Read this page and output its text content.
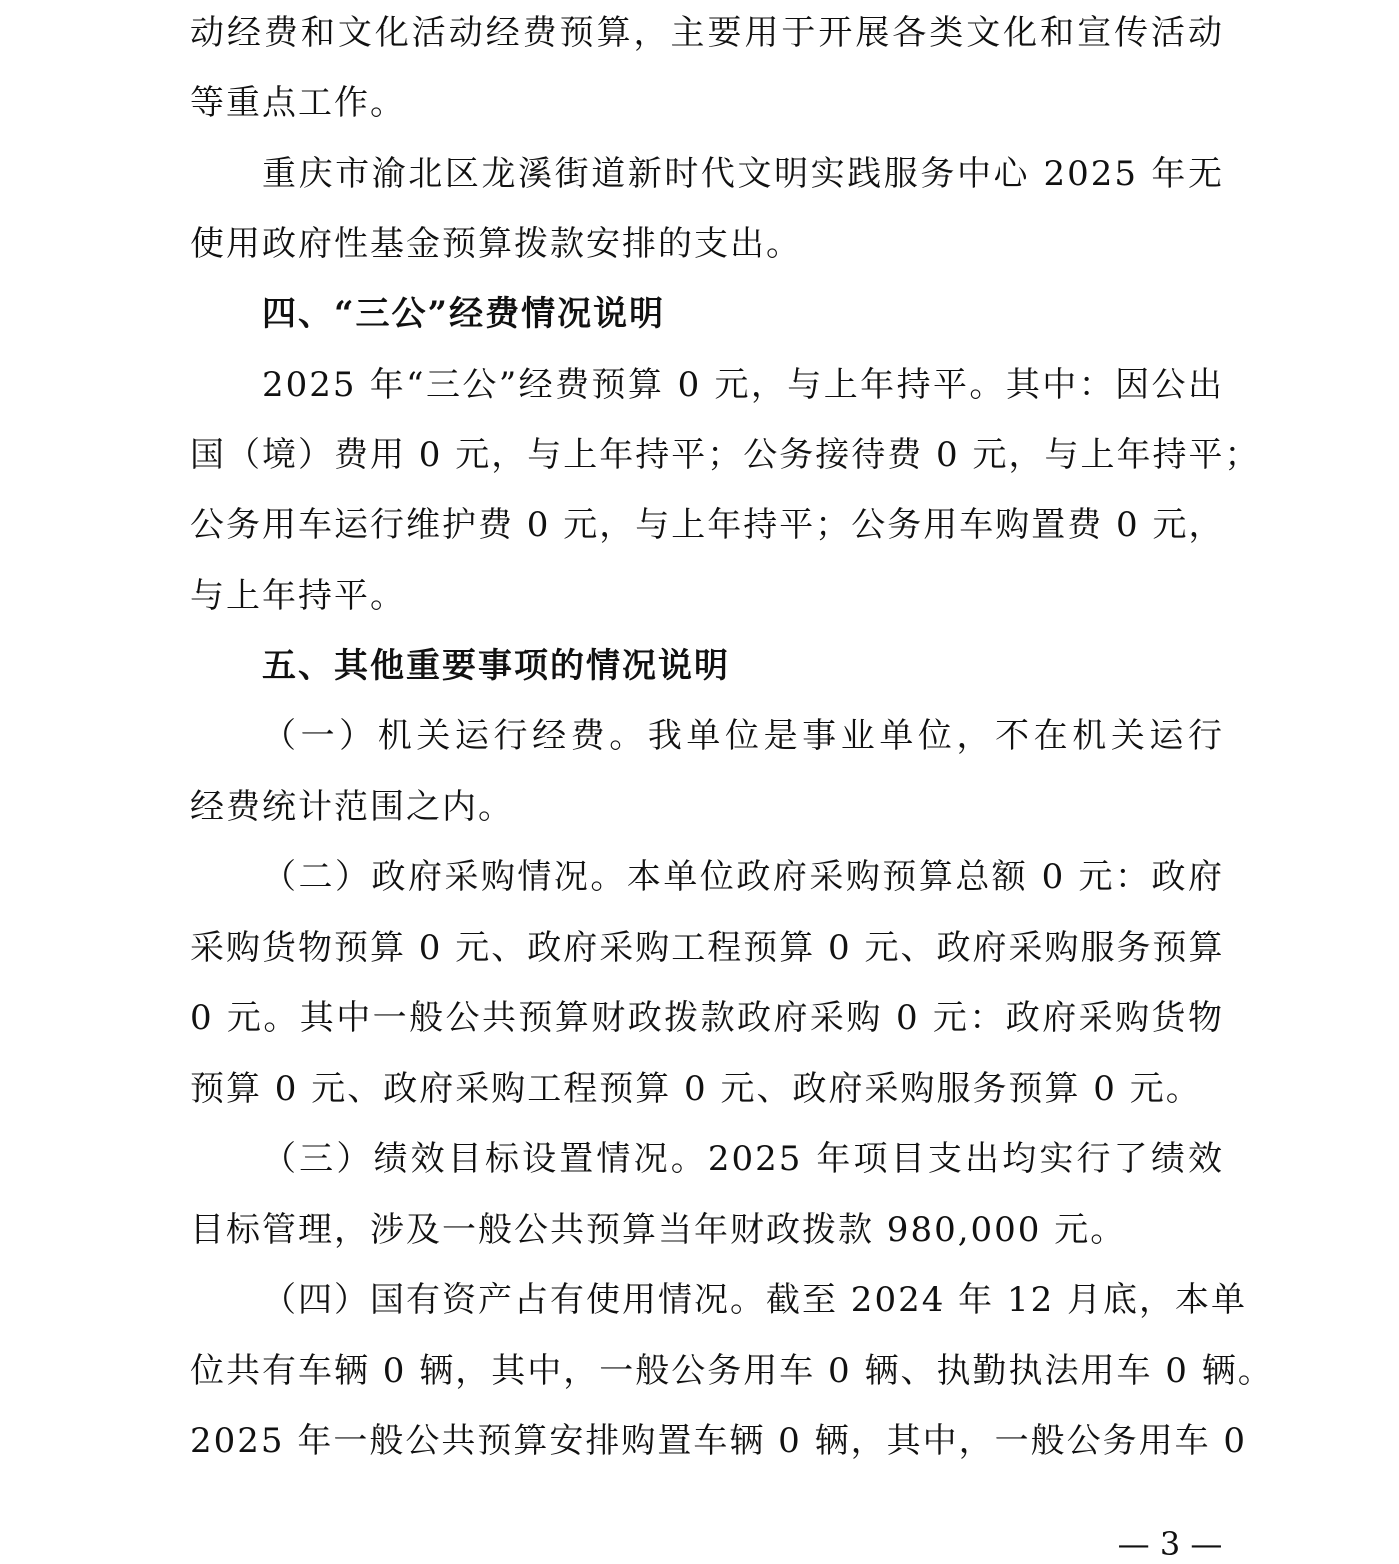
动经费和文化活动经费预算，主要用于开展各类文化和宣传活动
等重点工作。
重庆市渝北区龙溪街道新时代文明实践服务中心 2025 年无
使用政府性基金预算拨款安排的支出。
四、“三公”经费情况说明
2025 年“三公”经费预算 0 元，与上年持平。其中：因公出
国（境）费用 0 元，与上年持平；公务接待费 0 元，与上年持平；
公务用车运行维护费 0 元，与上年持平；公务用车购置费 0 元，
与上年持平。
五、其他重要事项的情况说明
（一）机关运行经费。我单位是事业单位，不在机关运行
经费统计范围之内。
（二）政府采购情况。本单位政府采购预算总额 0 元：政府
采购货物预算 0 元、政府采购工程预算 0 元、政府采购服务预算
0 元。其中一般公共预算财政拨款政府采购 0 元：政府采购货物
预算 0 元、政府采购工程预算 0 元、政府采购服务预算 0 元。
（三）绩效目标设置情况。2025 年项目支出均实行了绩效
目标管理，涉及一般公共预算当年财政拨款 980,000 元。
（四）国有资产占有使用情况。截至 2024 年 12 月底，本单
位共有车辆 0 辆，其中，一般公务用车 0 辆、执勤执法用车 0 辆。
2025 年一般公共预算安排购置车辆 0 辆，其中，一般公务用车 0
— 3 —
